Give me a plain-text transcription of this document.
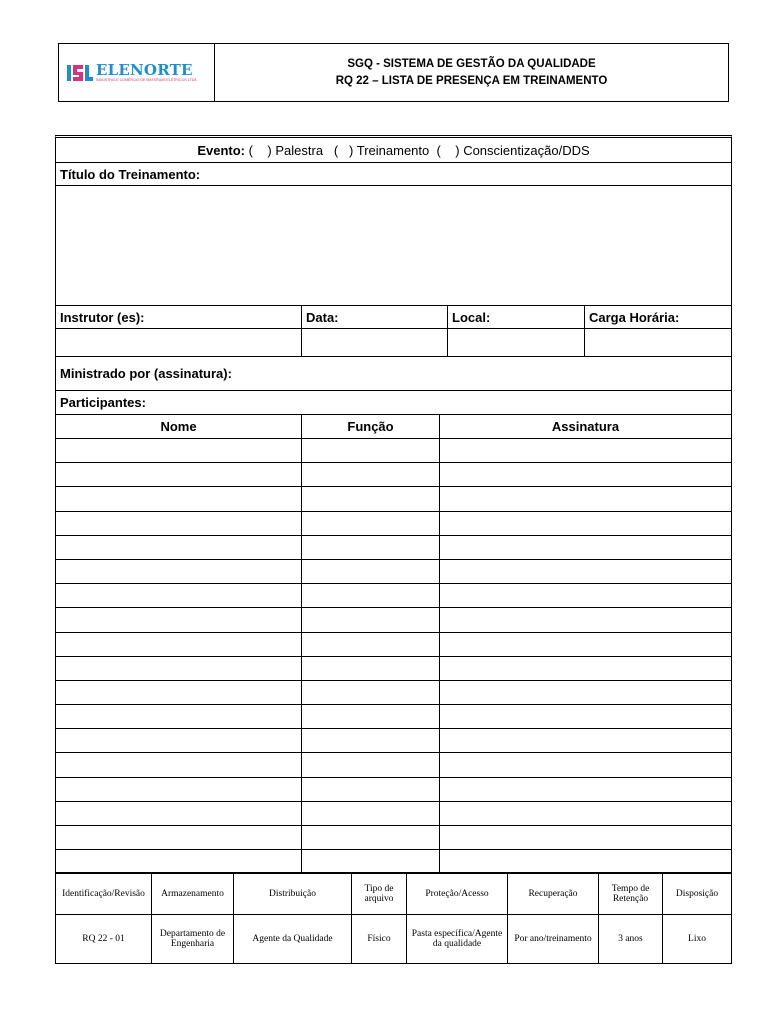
ELENORTE
INDÚSTRIA E COMÉRCIO DE MATERIAIS ELÉTRICOS LTDA
SGQ - SISTEMA DE GESTÃO DA QUALIDADE
RQ 22 – LISTA DE PRESENÇA EM TREINAMENTO
Evento:
(    ) Palestra   (   ) Treinamento  (    ) Conscientização/DDS
Título do Treinamento:
Instrutor (es):	Data:	Local:	Carga Horária:
Ministrado por (assinatura):
Participantes:
Nome	Função	Assinatura
Identificação/Revisão	Armazenamento	Distribuição	Tipo de arquivo	Proteção/Acesso	Recuperação	Tempo de Retenção	Disposição
RQ 22 - 01	Departamento de Engenharia	Agente da Qualidade	Físico	Pasta específica/Agente da qualidade	Por ano/treinamento	3 anos	Lixo
